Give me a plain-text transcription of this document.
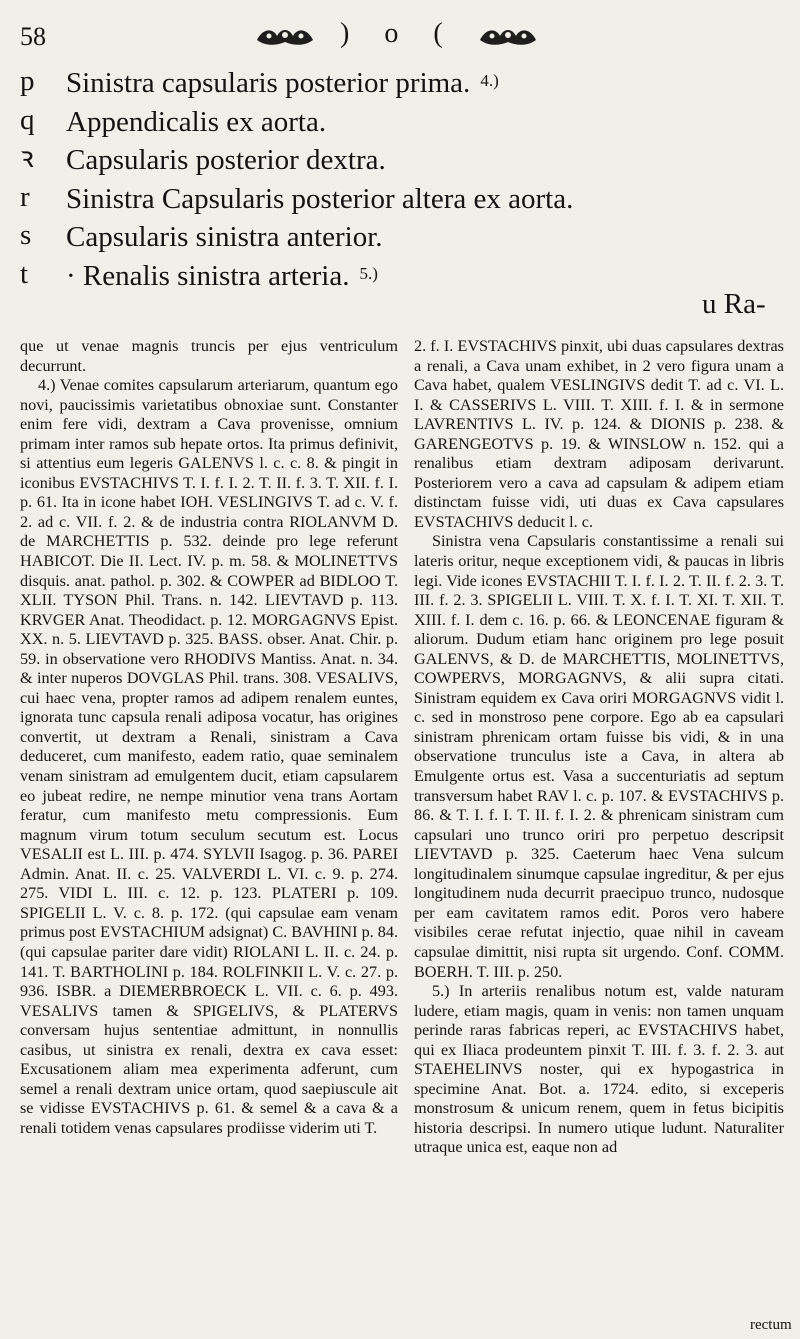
58	) o (
p	Sinistra capsularis posterior prima. $^{4.)}$
q	Appendicalis ex aorta.
ꝛ	Capsularis posterior dextra.
r	Sinistra Capsularis posterior altera ex aorta.
s	Capsularis sinistra anterior.
t	· Renalis sinistra arteria. $^{5.)}$
u Ra-

que ut venae magnis truncis per ejus ventriculum decurrunt.

4.) Venae comites capsularum arteriarum, quantum ego novi, paucissimis varietatibus obnoxiae sunt. Constanter enim fere vidi, dextram a Cava provenisse, omnium primam inter ramos sub hepate ortos. Ita primus definivit, si attentius eum legeris GALENVS l. c. c. 8. & pingit in iconibus EVSTACHIVS T. I. f. I. 2. T. II. f. 3. T. XII. f. I. p. 61. Ita in icone habet IOH. VESLINGIVS T. ad c. V. f. 2. ad c. VII. f. 2. & de industria contra RIOLANVM D. de MARCHETTIS p. 532. deinde pro lege referunt HABICOT. Die II. Lect. IV. p. m. 58. & MOLINETTVS disquis. anat. pathol. p. 302. & COWPER ad BIDLOO T. XLII. TYSON Phil. Trans. n. 142. LIEVTAVD p. 113. KRVGER Anat. Theodidact. p. 12. MORGAGNVS Epist. XX. n. 5. LIEVTAVD p. 325. BASS. obser. Anat. Chir. p. 59. in observatione vero RHODIVS Mantiss. Anat. n. 34. & inter nuperos DOVGLAS Phil. trans. 308. VESALIVS, cui haec vena, propter ramos ad adipem renalem euntes, ignorata tunc capsula renali adiposa vocatur, has origines convertit, ut dextram a Renali, sinistram a Cava deduceret, cum manifesto, eadem ratio, quae seminalem venam sinistram ad emulgentem ducit, etiam capsularem eo jubeat redire, ne nempe minutior vena trans Aortam feratur, cum manifesto metu compressionis. Eum magnum virum totum seculum secutum est. Locus VESALII est L. III. p. 474. SYLVII Isagog. p. 36. PAREI Admin. Anat. II. c. 25. VALVERDI L. VI. c. 9. p. 274. 275. VIDI L. III. c. 12. p. 123. PLATERI p. 109. SPIGELII L. V. c. 8. p. 172. (qui capsulae eam venam primus post EVSTACHIUM adsignat) C. BAVHINI p. 84. (qui capsulae pariter dare vidit) RIOLANI L. II. c. 24. p. 141. T. BARTHOLINI p. 184. ROLFINKII L. V. c. 27. p. 936. ISBR. a DIEMERBROECK L. VII. c. 6. p. 493. VESALIVS tamen & SPIGELIVS, & PLATERVS conversam hujus sententiae admittunt, in nonnullis casibus, ut sinistra ex renali, dextra ex cava esset: Excusationem aliam mea experimenta adferunt, cum semel a renali dextram unice ortam, quod saepiuscule ait se vidisse EVSTACHIVS p. 61. & semel & a cava & a renali totidem venas capsulares prodiisse viderim uti T.

2. f. I. EVSTACHIVS pinxit, ubi duas capsulares dextras a renali, a Cava unam exhibet, in 2 vero figura unam a Cava habet, qualem VESLINGIVS dedit T. ad c. VI. L. I. & CASSERIVS L. VIII. T. XIII. f. I. & in sermone LAVRENTIVS L. IV. p. 124. & DIONIS p. 238. & GARENGEOTVS p. 19. & WINSLOW n. 152. qui a renalibus etiam dextram adiposam derivarunt. Posteriorem vero a cava ad capsulam & adipem etiam distinctam fuisse vidi, uti duas ex Cava capsulares EVSTACHIVS deducit l. c.

Sinistra vena Capsularis constantissime a renali sui lateris oritur, neque exceptionem vidi, & paucas in libris legi. Vide icones EVSTACHII T. I. f. I. 2. T. II. f. 2. 3. T. III. f. 2. 3. SPIGELII L. VIII. T. X. f. I. T. XI. T. XII. T. XIII. f. I. dem c. 16. p. 66. & LEONCENAE figuram & aliorum. Dudum etiam hanc originem pro lege posuit GALENVS, & D. de MARCHETTIS, MOLINETTVS, COWPERVS, MORGAGNVS, & alii supra citati. Sinistram equidem ex Cava oriri MORGAGNVS vidit l. c. sed in monstroso pene corpore. Ego ab ea capsulari sinistram phrenicam ortam fuisse bis vidi, & in una observatione trunculus iste a Cava, in altera ab Emulgente ortus est. Vasa a succenturiatis ad septum transversum habet RAV l. c. p. 107. & EVSTACHIVS p. 86. & T. I. f. I. T. II. f. I. 2. & phrenicam sinistram cum capsulari uno trunco oriri pro perpetuo descripsit LIEVTAVD p. 325. Caeterum haec Vena sulcum longitudinalem sinumque capsulae ingreditur, & per ejus longitudinem nuda decurrit praecipuo trunco, nudosque per eam cavitatem ramos edit. Poros vero habere visibiles cerae refutat injectio, quae nihil in caveam capsulae dimittit, nisi rupta sit urgendo. Conf. COMM. BOERH. T. III. p. 250.

5.) In arteriis renalibus notum est, valde naturam ludere, etiam magis, quam in venis: non tamen unquam perinde raras fabricas reperi, ac EVSTACHIVS habet, qui ex Iliaca prodeuntem pinxit T. III. f. 3. f. 2. 3. aut STAEHELINVS noster, qui ex hypogastrica in specimine Anat. Bot. a. 1724. edito, si exceperis monstrosum & unicum renem, quem in fetus bicipitis historia descripsi. In numero utique ludunt. Naturaliter utraque unica est, eaque non ad

rectum
